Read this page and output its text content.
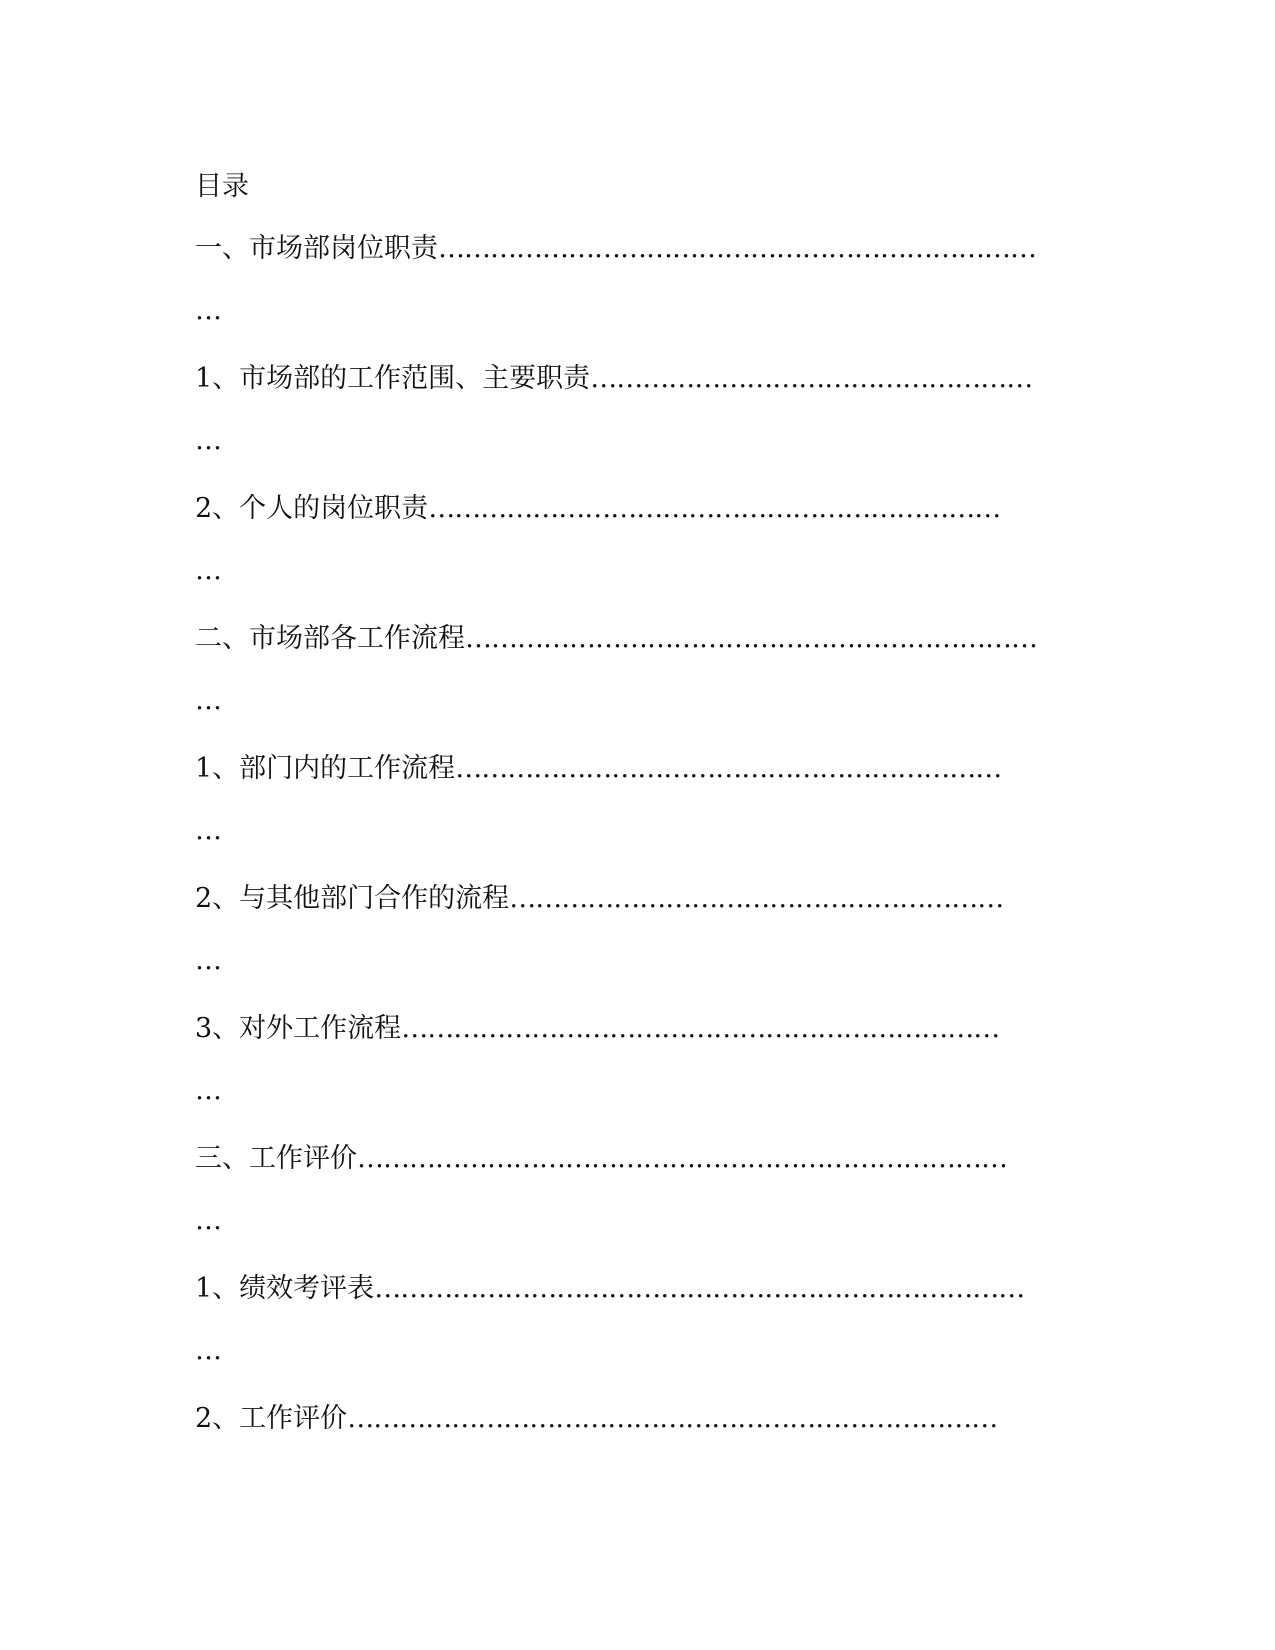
目录
一、市场部岗位职责……………………………………………………………
…
1、市场部的工作范围、主要职责……………………………………………
…
2、个人的岗位职责…………………………………………………………
…
二、市场部各工作流程…………………………………………………………
…
1、部门内的工作流程………………………………………………………
…
2、与其他部门合作的流程…………………………………………………
…
3、对外工作流程……………………………………………………………
…
三、工作评价…………………………………………………………………
…
1、绩效考评表…………………………………………………………………
…
2、工作评价…………………………………………………………………
